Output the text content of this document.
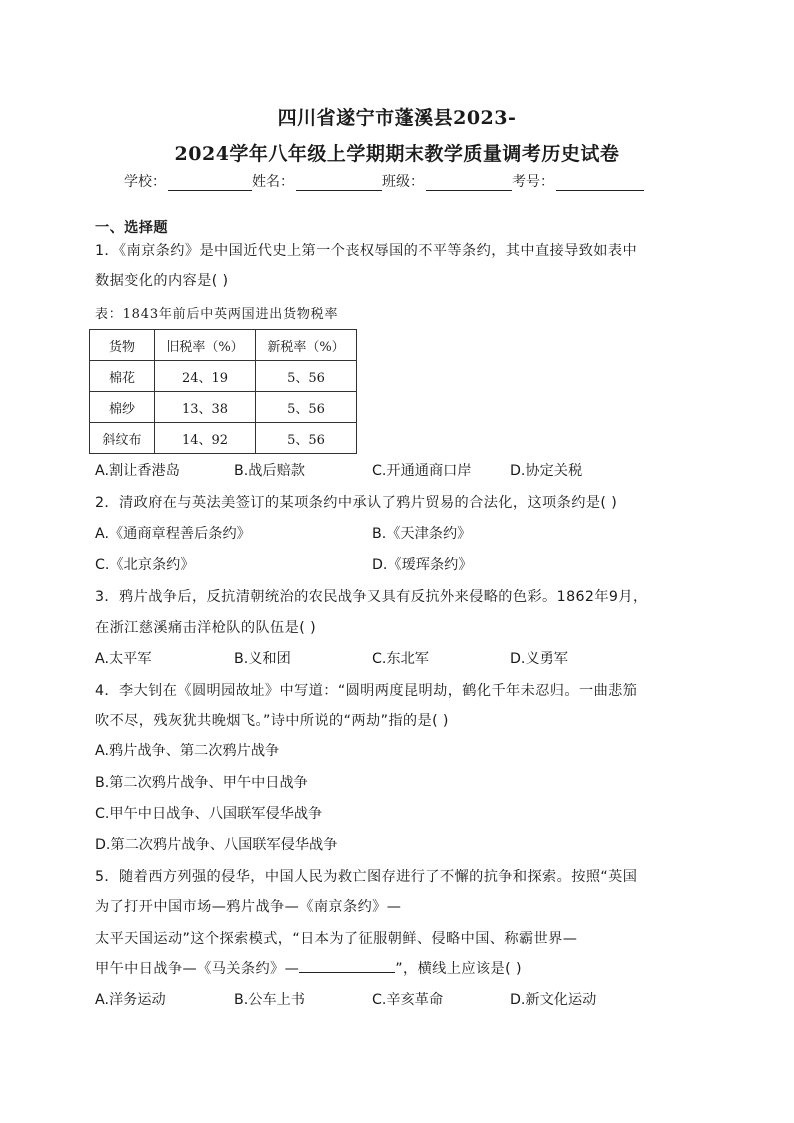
四川省遂宁市蓬溪县2023-
2024学年八年级上学期期末教学质量调考历史试卷
学校：	姓名：	班级：	考号：
一、选择题
1．《南京条约》是中国近代史上第一个丧权辱国的不平等条约，其中直接导致如表中
数据变化的内容是( )
表：1843年前后中英两国进出货物税率
货物	旧税率（%）	新税率（%）
棉花	24、19	5、56
棉纱	13、38	5、56
斜纹布	14、92	5、56
A.割让香港岛	B.战后赔款	C.开通通商口岸	D.协定关税
2．清政府在与英法美签订的某项条约中承认了鸦片贸易的合法化，这项条约是( )
A.《通商章程善后条约》	B.《天津条约》
C.《北京条约》	D.《瑷珲条约》
3．鸦片战争后，反抗清朝统治的农民战争又具有反抗外来侵略的色彩。1862年9月，
在浙江慈溪痛击洋枪队的队伍是( )
A.太平军	B.义和团	C.东北军	D.义勇军
4．李大钊在《圆明园故址》中写道：“圆明两度昆明劫，鹤化千年未忍归。一曲悲笳
吹不尽，残灰犹共晚烟飞。”诗中所说的“两劫”指的是( )
A.鸦片战争、第二次鸦片战争
B.第二次鸦片战争、甲午中日战争
C.甲午中日战争、八国联军侵华战争
D.第二次鸦片战争、八国联军侵华战争
5．随着西方列强的侵华，中国人民为救亡图存进行了不懈的抗争和探索。按照“英国
为了打开中国市场—鸦片战争—《南京条约》—
太平天国运动”这个探索模式，“日本为了征服朝鲜、侵略中国、称霸世界—
甲午中日战争—《马关条约》—	”，横线上应该是( )
A.洋务运动	B.公车上书	C.辛亥革命	D.新文化运动
